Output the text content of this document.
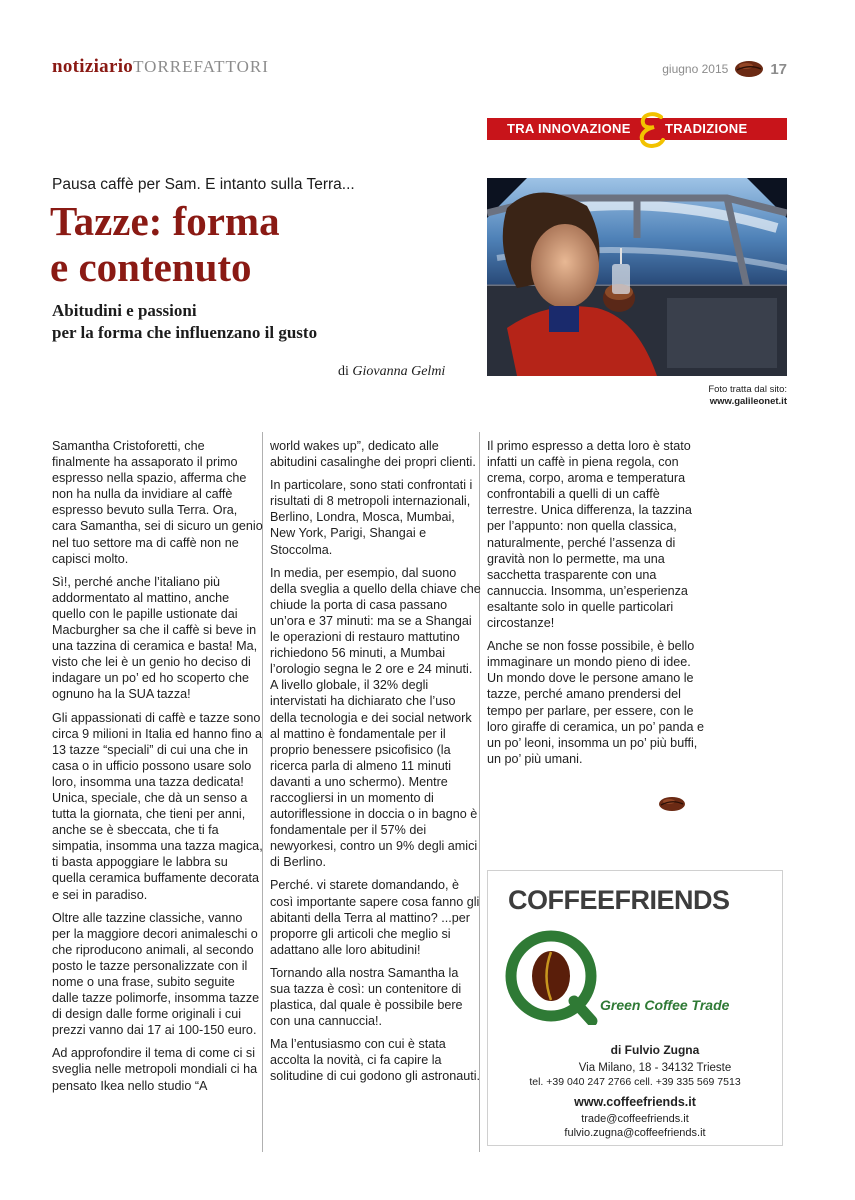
notiziarioTORREFATTORI	giugno 2015	17
TRA INNOVAZIONE	TRADIZIONE
Pausa caffè per Sam. E intanto sulla Terra...
Tazze: forma
e contenuto
Abitudini e passioni
per la forma che influenzano il gusto
di Giovanna Gelmi
Foto tratta dal sito:
www.galileonet.it

Samantha Cristoforetti, che finalmente ha assaporato il primo espresso nella spazio, afferma che non ha nulla da invidiare al caffè espresso bevuto sulla Terra. Ora, cara Samantha, sei di sicuro un genio nel tuo settore ma di caffè non ne capisci molto.

Sì!, perché anche l’italiano più addormentato al mattino, anche quello con le papille ustionate dai Macburgher sa che il caffè si beve in una tazzina di ceramica e basta! Ma, visto che lei è un genio ho deciso di indagare un po’ ed ho scoperto che ognuno ha la SUA tazza!

Gli appassionati di caffè e tazze sono circa 9 milioni in Italia ed hanno fino a 13 tazze “speciali” di cui una che in casa o in ufficio possono usare solo loro, insomma una tazza dedicata! Unica, speciale, che dà un senso a tutta la giornata, che tieni per anni, anche se è sbeccata, che ti fa simpatia, insomma una tazza magica, ti basta appoggiare le labbra su quella ceramica buffamente decorata e sei in paradiso.

Oltre alle tazzine classiche, vanno per la maggiore decori animaleschi o che riproducono animali, al secondo posto le tazze personalizzate con il nome o una frase, subito seguite dalle tazze polimorfe, insomma tazze di design dalle forme originali i cui prezzi vanno dai 17 ai 100-150 euro.

Ad approfondire il tema di come ci si sveglia nelle metropoli mondiali ci ha pensato Ikea nello studio “A

world wakes up”, dedicato alle abitudini casalinghe dei propri clienti.

In particolare, sono stati confrontati i risultati di 8 metropoli internazionali, Berlino, Londra, Mosca, Mumbai, New York, Parigi, Shangai e Stoccolma.

In media, per esempio, dal suono della sveglia a quello della chiave che chiude la porta di casa passano un’ora e 37 minuti: ma se a Shangai le operazioni di restauro mattutino richiedono 56 minuti, a Mumbai l’orologio segna le 2 ore e 24 minuti. A livello globale, il 32% degli intervistati ha dichiarato che l’uso della tecnologia e dei social network al mattino è fondamentale per il proprio benessere psicofisico (la ricerca parla di almeno 11 minuti davanti a uno schermo). Mentre raccogliersi in un momento di autoriflessione in doccia o in bagno è fondamentale per il 57% dei newyorkesi, contro un 9% degli amici di Berlino.

Perché. vi starete domandando, è così importante sapere cosa fanno gli abitanti della Terra al mattino? ...per proporre gli articoli che meglio si adattano alle loro abitudini!

Tornando alla nostra Samantha la sua tazza è così: un contenitore di plastica, dal quale è possibile bere con una cannuccia!.

Ma l’entusiasmo con cui è stata accolta la novità, ci fa capire la solitudine di cui godono gli astronauti.

Il primo espresso a detta loro è stato infatti un caffè in piena regola, con crema, corpo, aroma e temperatura confrontabili a quelli di un caffè terrestre. Unica differenza, la tazzina per l’appunto: non quella classica, naturalmente, perché l’assenza di gravità non lo permette, ma una sacchetta trasparente con una cannuccia. Insomma, un’esperienza esaltante solo in quelle particolari circostanze!

Anche se non fosse possibile, è bello immaginare un mondo pieno di idee. Un mondo dove le persone amano le tazze, perché amano prendersi del tempo per parlare, per essere, con le loro giraffe di ceramica, un po’ panda e un po’ leoni, insomma un po’ più buffi, un po’ più umani.

COFFEEFRIENDS
Green Coffee Trade
di Fulvio Zugna
Via Milano, 18 - 34132 Trieste
tel. +39 040 247 2766 cell. +39 335 569 7513
www.coffeefriends.it
trade@coffeefriends.it
fulvio.zugna@coffeefriends.it
